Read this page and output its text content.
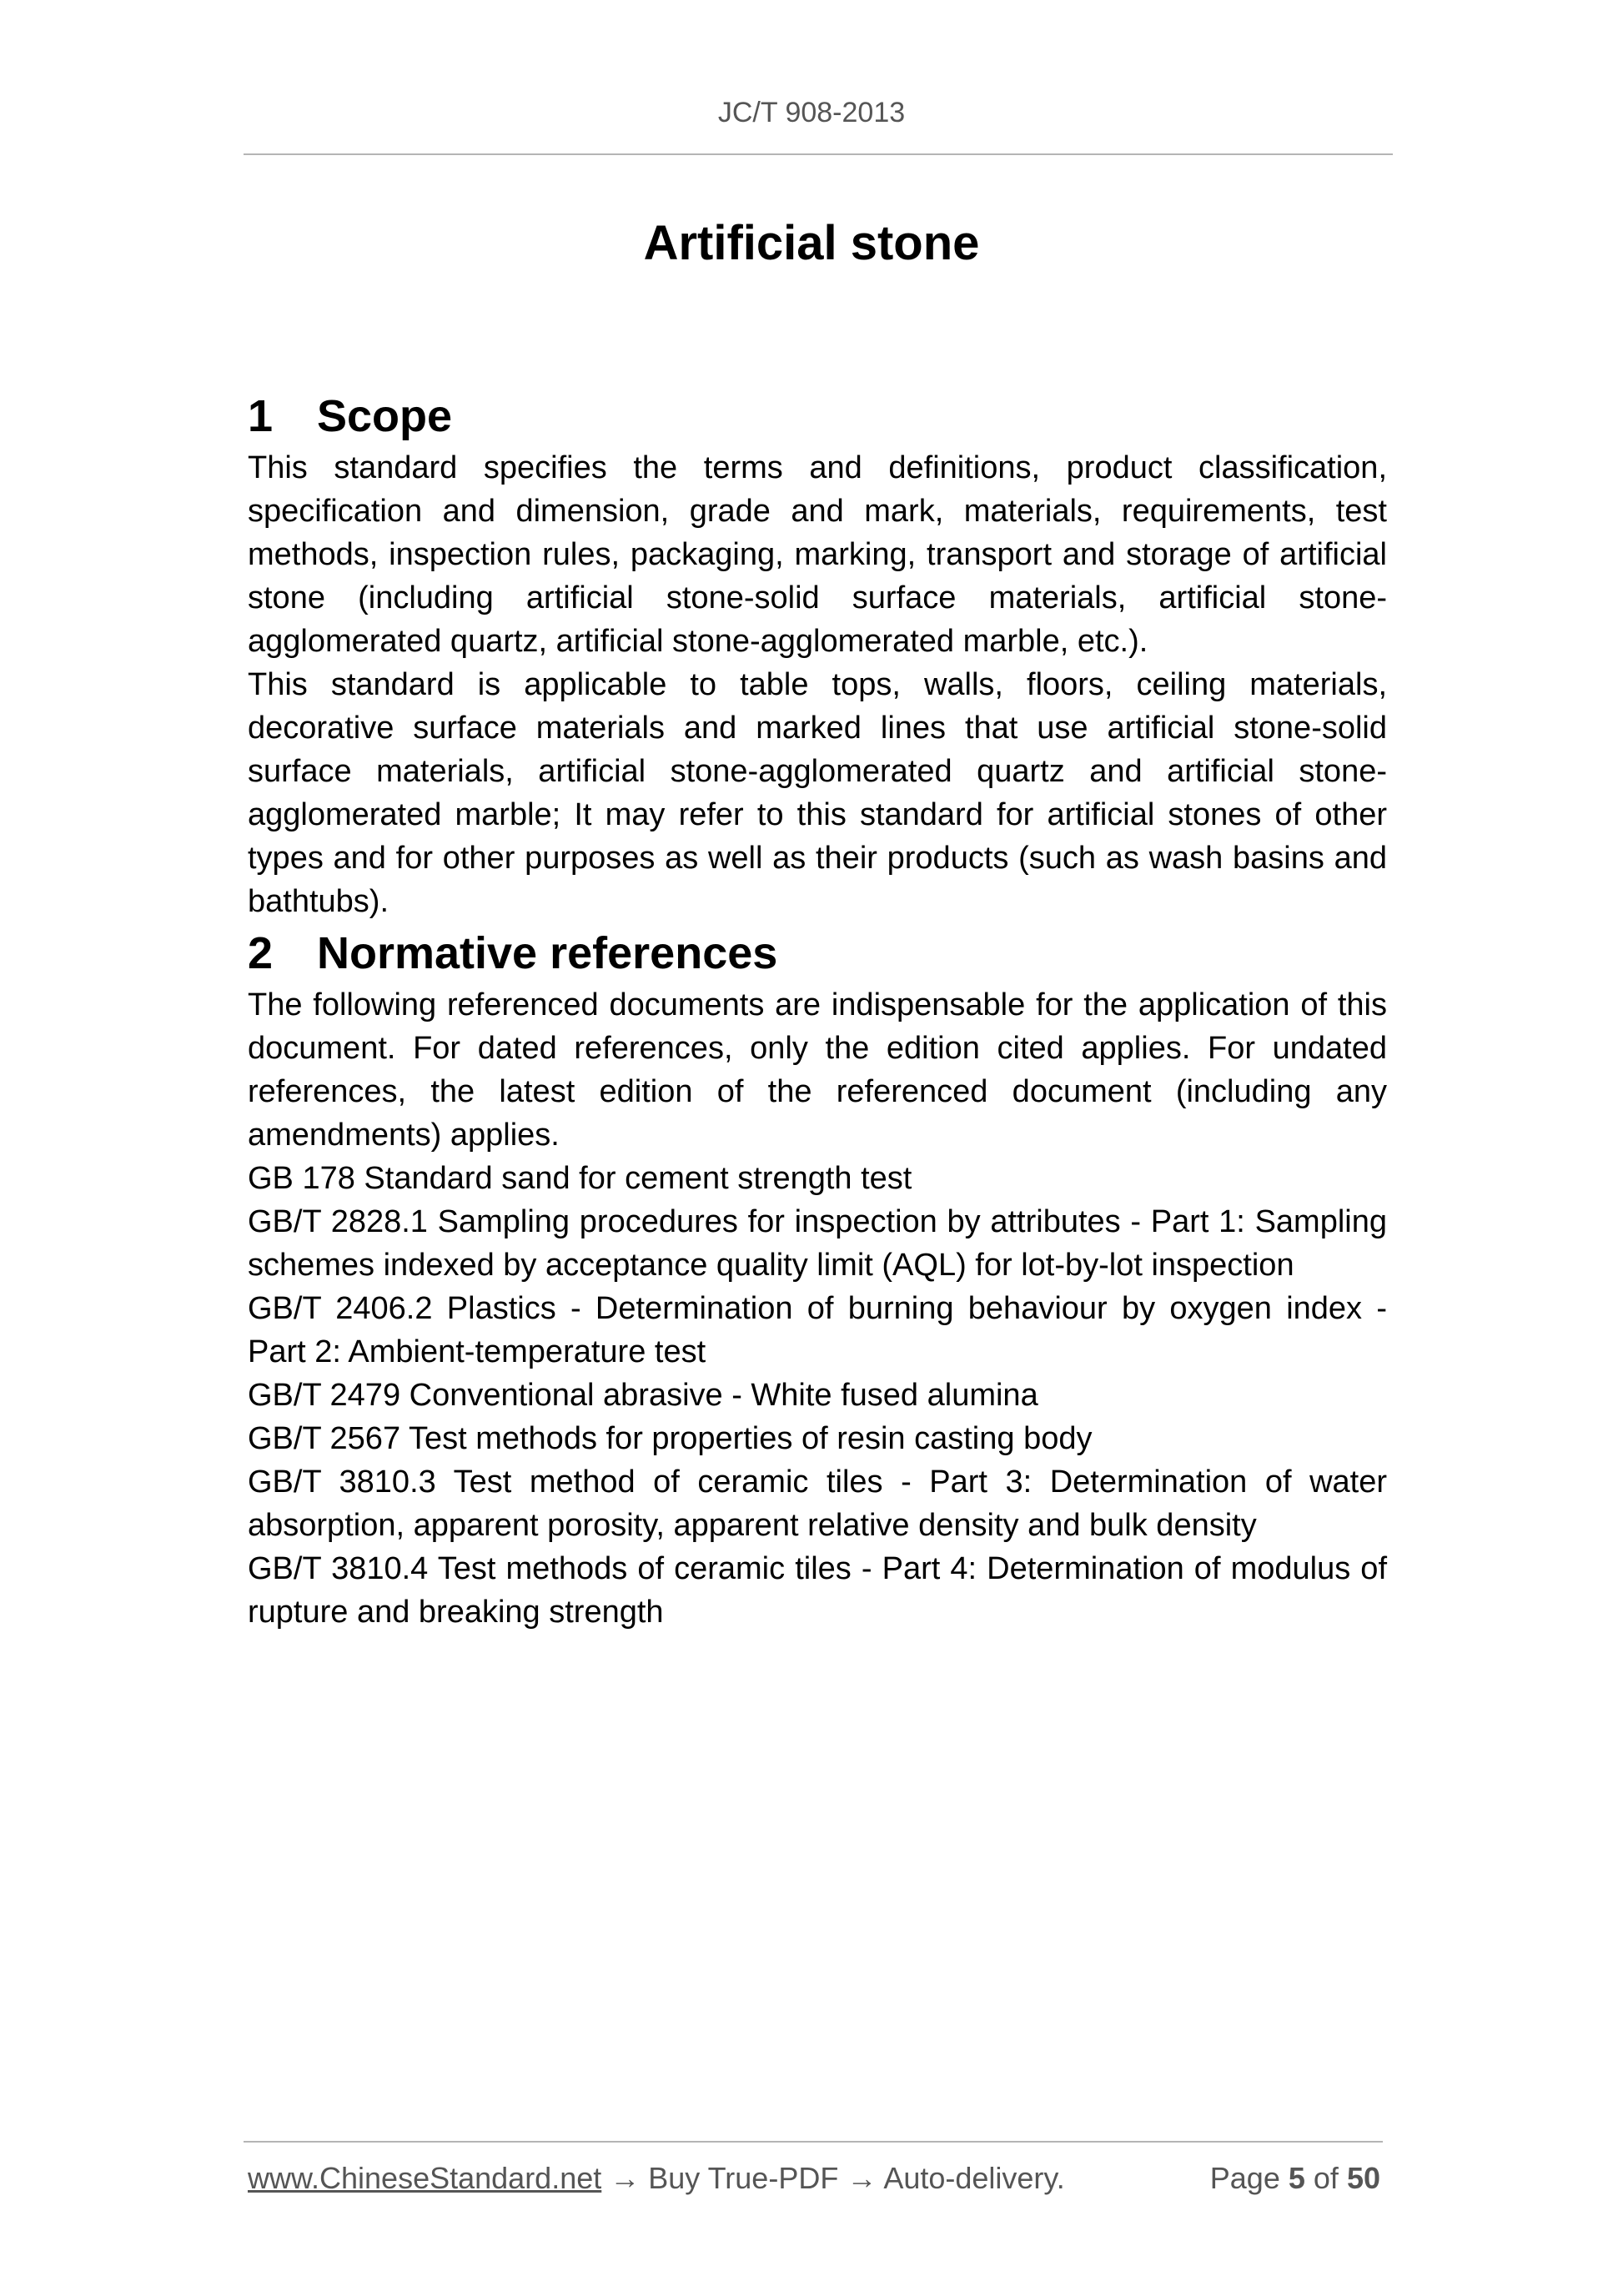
JC/T 908-2013
Artificial stone
1 Scope

This standard specifies the terms and definitions, product classification, specification and dimension, grade and mark, materials, requirements, test methods, inspection rules, packaging, marking, transport and storage of artificial stone (including artificial stone-solid surface materials, artificial stone-agglomerated quartz, artificial stone-agglomerated marble, etc.).

This standard is applicable to table tops, walls, floors, ceiling materials, decorative surface materials and marked lines that use artificial stone-solid surface materials, artificial stone-agglomerated quartz and artificial stone-agglomerated marble; It may refer to this standard for artificial stones of other types and for other purposes as well as their products (such as wash basins and bathtubs).

2 Normative references

The following referenced documents are indispensable for the application of this document. For dated references, only the edition cited applies. For undated references, the latest edition of the referenced document (including any amendments) applies.

GB 178 Standard sand for cement strength test

GB/T 2828.1 Sampling procedures for inspection by attributes - Part 1: Sampling schemes indexed by acceptance quality limit (AQL) for lot-by-lot inspection

GB/T 2406.2 Plastics - Determination of burning behaviour by oxygen index - Part 2: Ambient-temperature test

GB/T 2479 Conventional abrasive - White fused alumina

GB/T 2567 Test methods for properties of resin casting body

GB/T 3810.3 Test method of ceramic tiles - Part 3: Determination of water absorption, apparent porosity, apparent relative density and bulk density

GB/T 3810.4 Test methods of ceramic tiles - Part 4: Determination of modulus of rupture and breaking strength

www.ChineseStandard.net → Buy True-PDF → Auto-delivery.	Page 5 of 50
